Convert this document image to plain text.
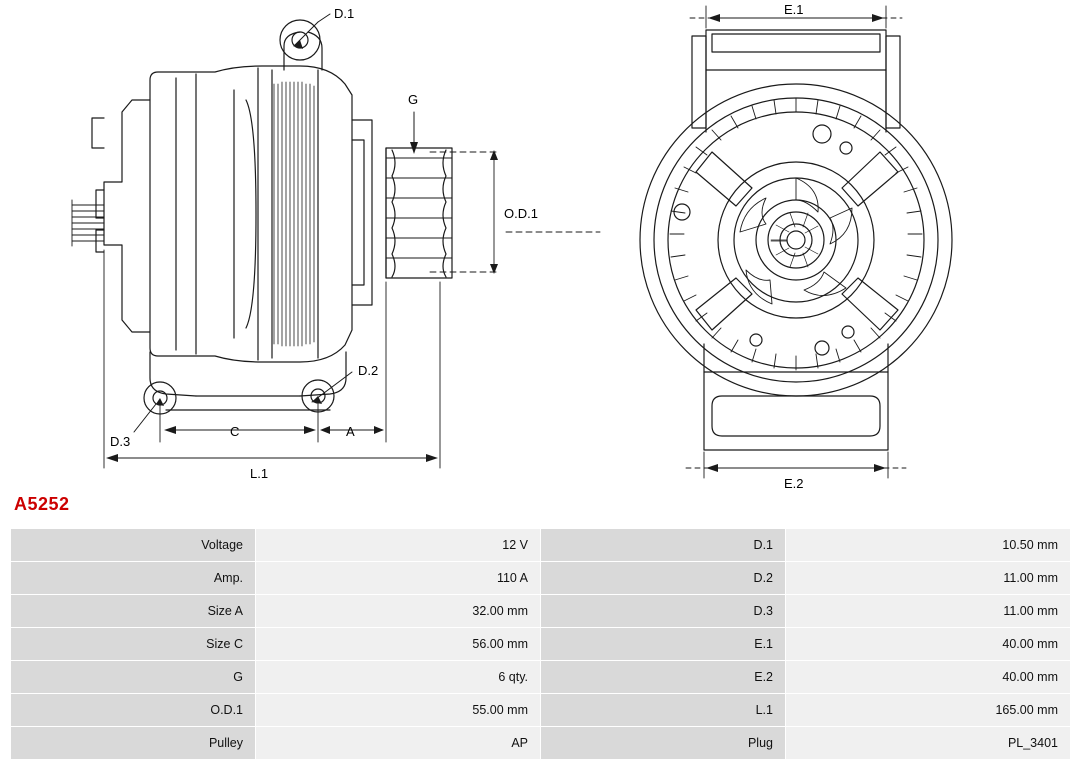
D.1
D.2
D.3
G
O.D.1
C	A
L.1
E.1
E.2
A5252
Voltage	12 V	D.1	10.50 mm
Amp.	110 A	D.2	11.00 mm
Size A	32.00 mm	D.3	11.00 mm
Size C	56.00 mm	E.1	40.00 mm
G	6 qty.	E.2	40.00 mm
O.D.1	55.00 mm	L.1	165.00 mm
Pulley	AP	Plug	PL_3401
